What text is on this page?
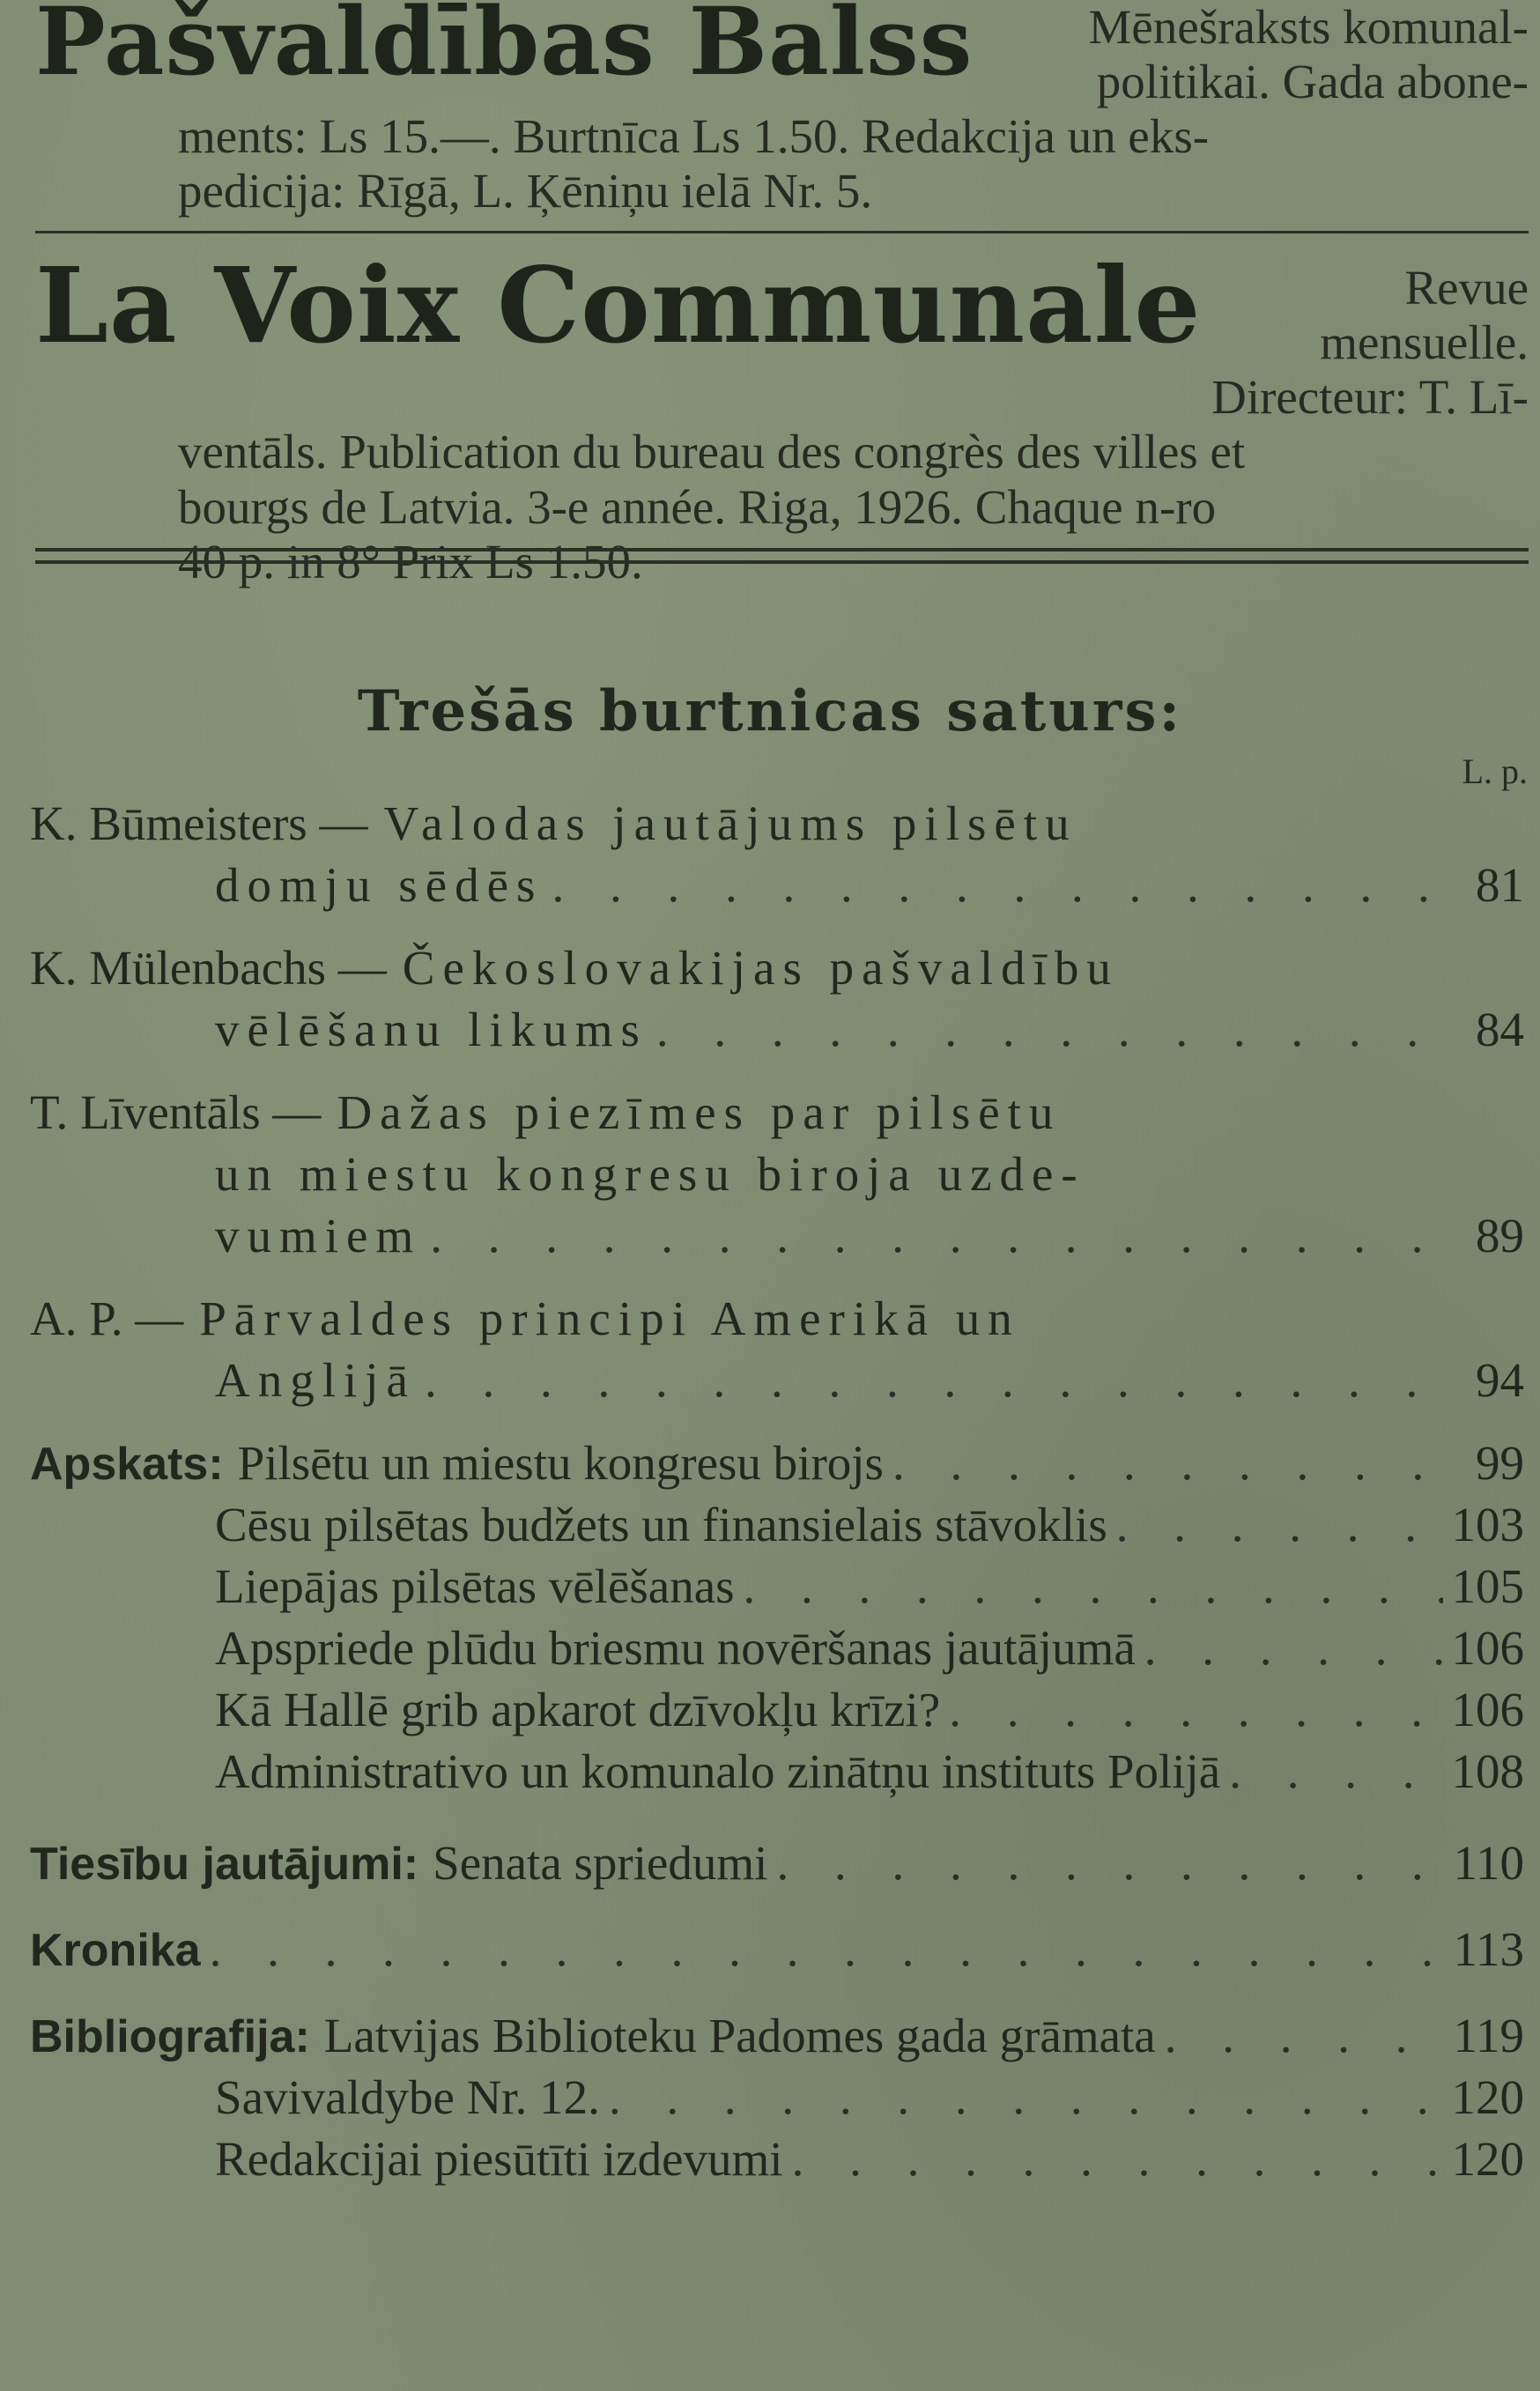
Pašvaldības Balss	Mēnešraksts komunal-
politikai. Gada abone-
ments: Ls 15.—. Burtnīca Ls 1.50. Redakcija un eks-
pedicija: Rīgā, L. Ķēniņu ielā Nr. 5.
La Voix Communale	Revue mensuelle.
Directeur: T. Lī-
ventāls. Publication du bureau des congrès des villes et
bourgs de Latvia. 3-e année. Riga, 1926. Chaque n-ro
40 p. in 8° Prix Ls 1.50.
Trešās burtnicas saturs:
L. p.
K. Būmeisters — Valodas jautājums pilsētu
domju sēdēs . . .	81
K. Mülenbachs — Čekoslovakijas pašvaldību
vēlēšanu likums . . .	84
T. Līventāls — Dažas piezīmes par pilsētu
un miestu kongresu biroja uzde-
vumiem . . .	89
A. P. — Pārvaldes principi Amerikā un
Anglijā . . .	94
Apskats: Pilsētu un miestu kongresu birojs . . .	99
Cēsu pilsētas budžets un finansielais stāvoklis . . .	103
Liepājas pilsētas vēlēšanas . . .	105
Apspriede plūdu briesmu novēršanas jautājumā . . .	106
Kā Hallē grib apkarot dzīvokļu krīzi? . . .	106
Administrativo un komunalo zinātņu instituts Polijā . . .	108
Tiesību jautājumi: Senata spriedumi . . .	110
Kronika . . .	113
Bibliografija: Latvijas Biblioteku Padomes gada grāmata . . .	119
Savivaldybe Nr. 12. . . .	120
Redakcijai piesūtīti izdevumi . . .	120
